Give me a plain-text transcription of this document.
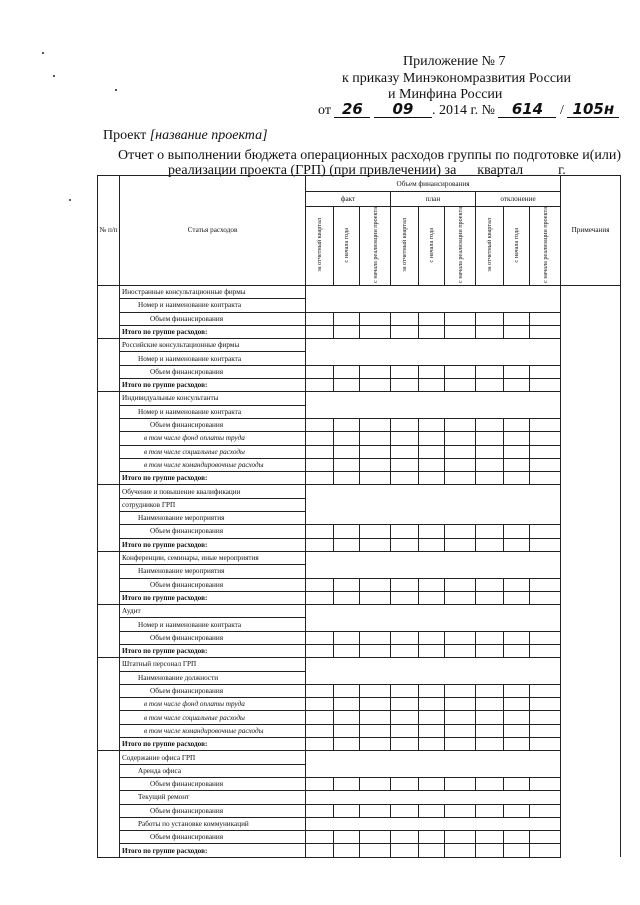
Приложение № 7
к приказу Минэкономразвития России
и Минфина России
от 26 09 . 2014 г. № 614 / 105н
Проект [название проекта]
Отчет о выполнении бюджета операционных расходов группы по подготовке и(или)
реализации проекта (ГРП) (при привлечении) за __ квартал ____ г.
№ п/п	Статья расходов	Объем финансирования									Примечания
		факт			план			отклонение			
		за отчетный квартал	с начала года	с начала реализации проекта	за отчетный квартал	с начала года	с начала реализации проекта	за отчетный квартал	с начала года	с начала реализации проекта	
	Иностранные консультационные фирмы										
	Номер и наименование контракта										
	Объем финансирования										
	Итого по группе расходов:										
	Российские консультационные фирмы										
	Номер и наименование контракта										
	Объем финансирования										
	Итого по группе расходов:										
	Индивидуальные консультанты										
	Номер и наименование контракта										
	Объем финансирования										
	в том числе фонд оплаты труда										
	в том числе социальные расходы										
	в том числе командировочные расходы										
	Итого по группе расходов:										
	Обучение и повышение квалификации										
	сотрудников ГРП										
	Наименование мероприятия										
	Объем финансирования										
	Итого по группе расходов:										
	Конференции, семинары, иные мероприятия										
	Наименование мероприятия										
	Объем финансирования										
	Итого по группе расходов:										
	Аудит										
	Номер и наименование контракта										
	Объем финансирования										
	Итого по группе расходов:										
	Штатный персонал ГРП										
	Наименование должности										
	Объем финансирования										
	в том числе фонд оплаты труда										
	в том числе социальные расходы										
	в том числе командировочные расходы										
	Итого по группе расходов:										
	Содержание офиса ГРП										
	Аренда офиса										
	Объем финансирования										
	Текущий ремонт										
	Объем финансирования										
	Работы по установке коммуникаций										
	Объем финансирования										
	Итого по группе расходов:										
